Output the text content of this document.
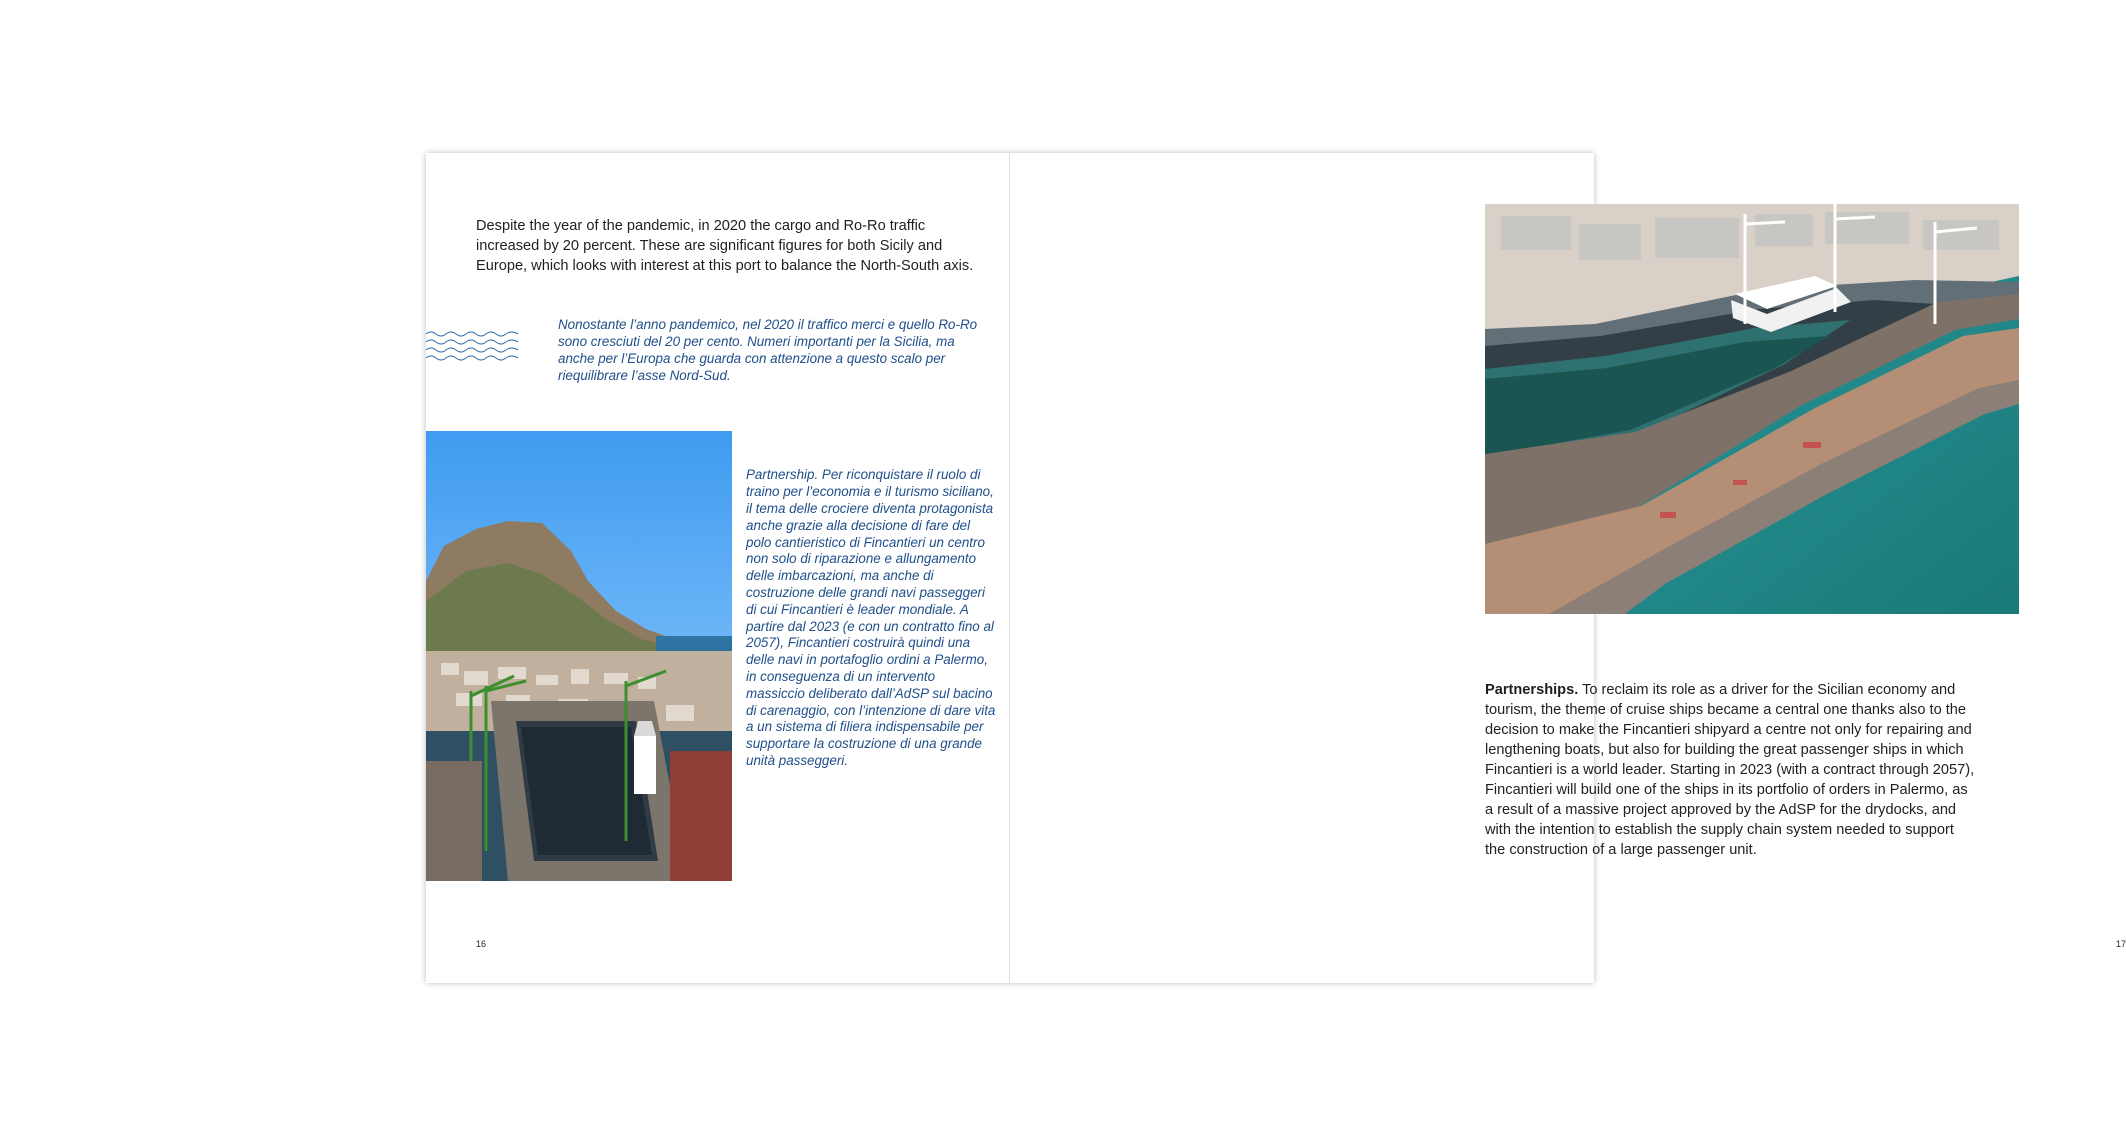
Despite the year of the pandemic, in 2020 the cargo and Ro-Ro traffic increased by 20 percent. These are significant figures for both Sicily and Europe, which looks with interest at this port to balance the North-South axis.

Nonostante l’anno pandemico, nel 2020 il traffico merci e quello Ro-Ro sono cresciuti del 20 per cento. Numeri importanti per la Sicilia, ma anche per l’Europa che guarda con attenzione a questo scalo per riequilibrare l’asse Nord-Sud.

Partnership. Per riconquistare il ruolo di traino per l’economia e il turismo siciliano, il tema delle crociere diventa protagonista anche grazie alla decisione di fare del polo cantieristico di Fincantieri un centro non solo di riparazione e allungamento delle imbarcazioni, ma anche di costruzione delle grandi navi passeggeri di cui Fincantieri è leader mondiale. A partire dal 2023 (e con un contratto fino al 2057), Fincantieri costruirà quindi una delle navi in portafoglio ordini a Palermo, in conseguenza di un intervento massiccio deliberato dall’AdSP sul bacino di carenaggio, con l’intenzione di dare vita a un sistema di filiera indispensabile per supportare la costruzione di una grande unità passeggeri.

16

Partnerships. To reclaim its role as a driver for the Sicilian economy and tourism, the theme of cruise ships became a central one thanks also to the decision to make the Fincantieri shipyard a centre not only for repairing and lengthening boats, but also for building the great passenger ships in which Fincantieri is a world leader. Starting in 2023 (with a contract through 2057), Fincantieri will build one of the ships in its portfolio of orders in Palermo, as a result of a massive project approved by the AdSP for the drydocks, and with the intention to establish the supply chain system needed to support the construction of a large passenger unit.

17
